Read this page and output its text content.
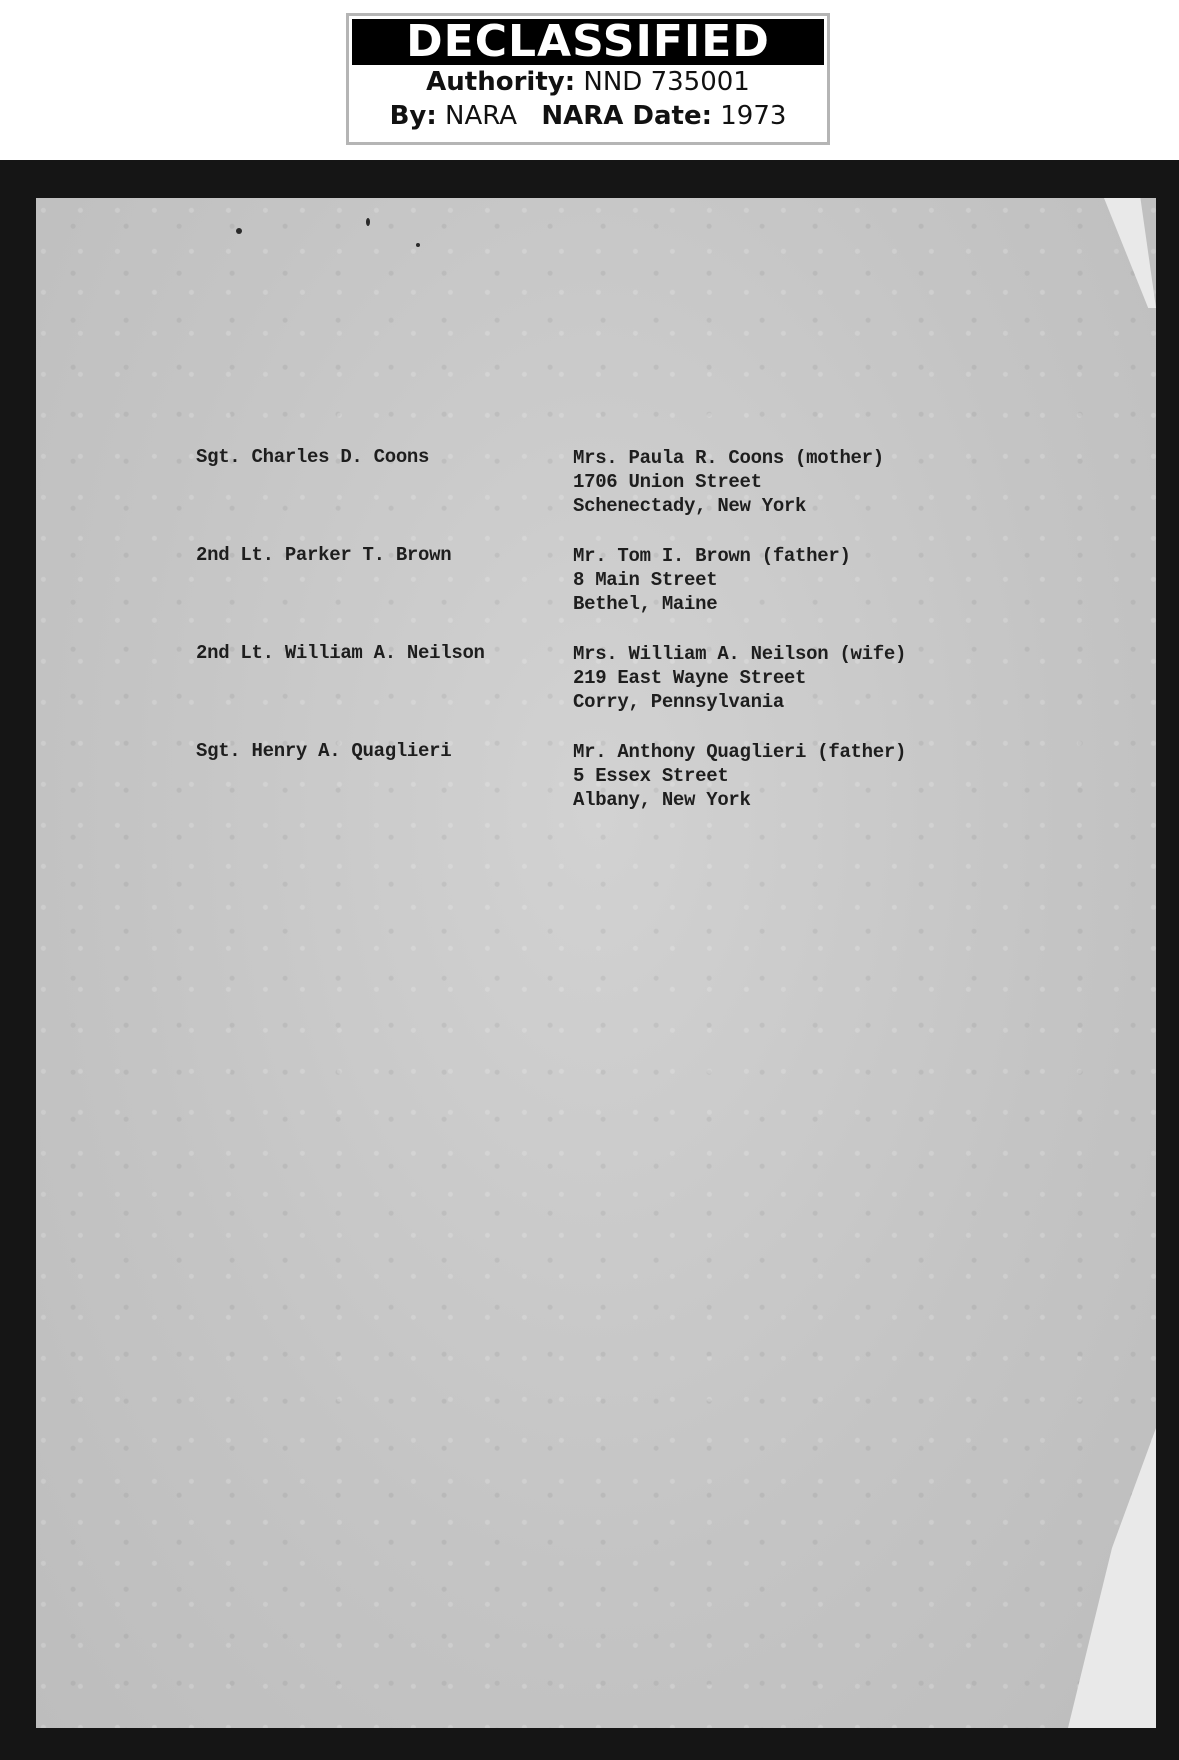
DECLASSIFIED
Authority: NND 735001
By: NARA NARA Date: 1973
Sgt. Charles D. Coons	Mrs. Paula R. Coons (mother)
1706 Union Street
Schenectady, New York
2nd Lt. Parker T. Brown	Mr. Tom I. Brown (father)
8 Main Street
Bethel, Maine
2nd Lt. William A. Neilson	Mrs. William A. Neilson (wife)
219 East Wayne Street
Corry, Pennsylvania
Sgt. Henry A. Quaglieri	Mr. Anthony Quaglieri (father)
5 Essex Street
Albany, New York
